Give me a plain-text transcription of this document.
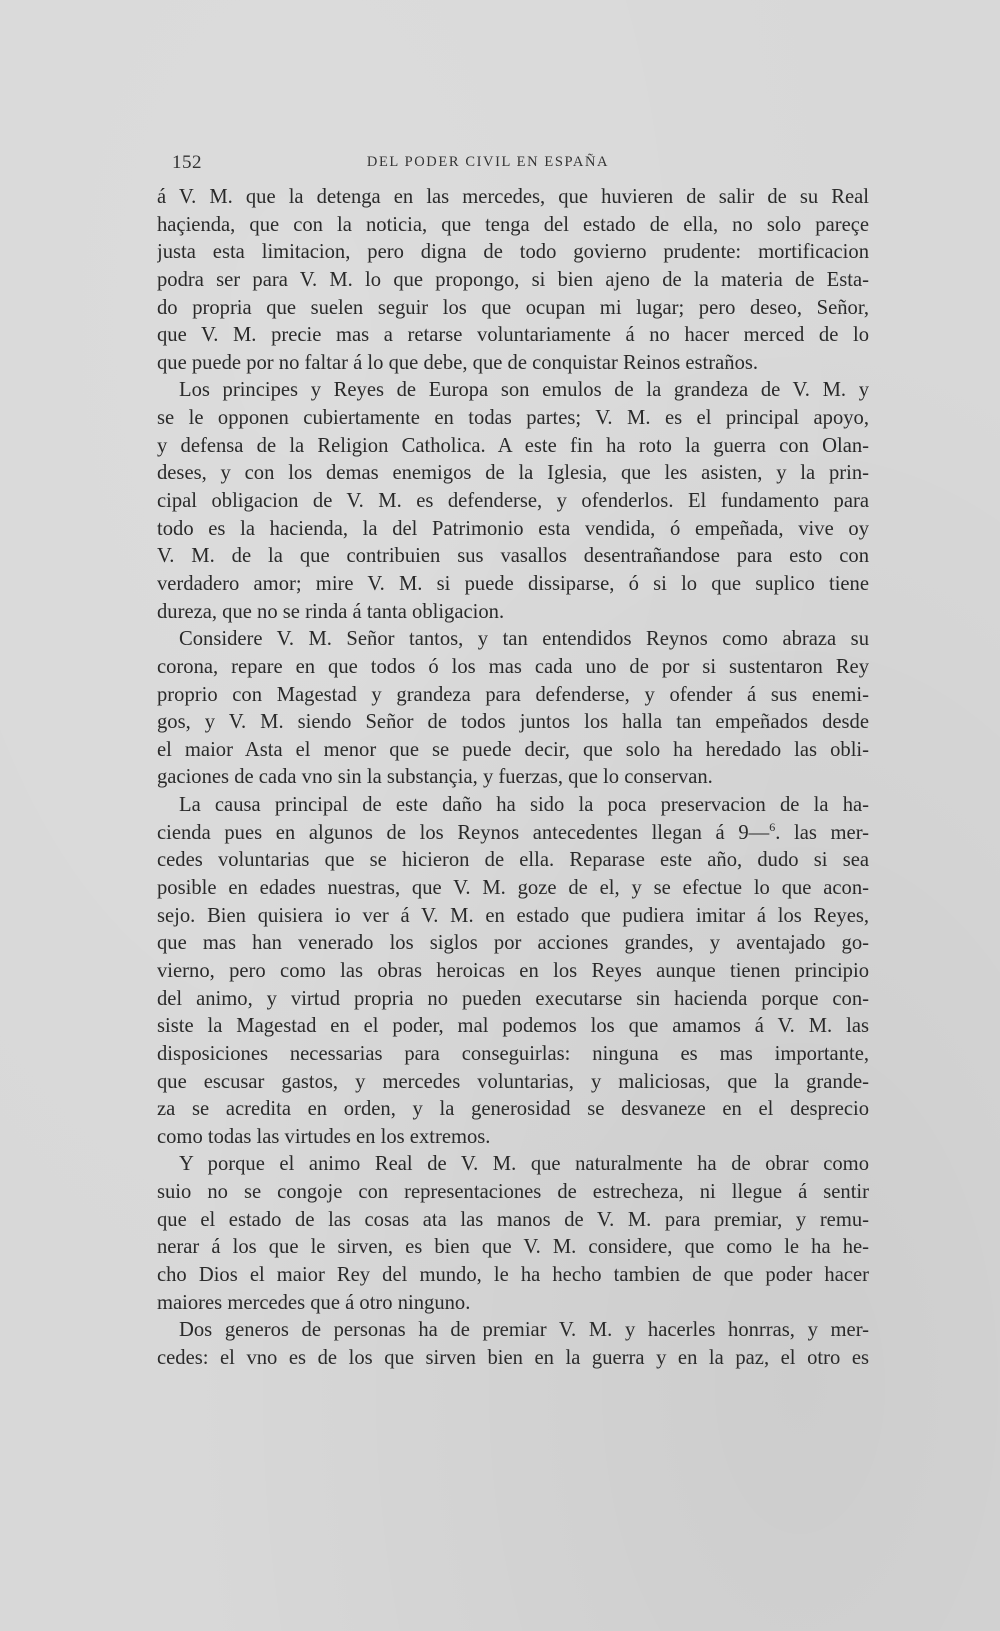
152	DEL PODER CIVIL EN ESPAÑA
á V. M. que la detenga en las mercedes, que huvieren de salir de su Real
haçienda, que con la noticia, que tenga del estado de ella, no solo pareçe
justa esta limitacion, pero digna de todo govierno prudente: mortificacion
podra ser para V. M. lo que propongo, si bien ajeno de la materia de Esta-
do propria que suelen seguir los que ocupan mi lugar; pero deseo, Señor,
que V. M. precie mas a retarse voluntariamente á no hacer merced de lo
que puede por no faltar á lo que debe, que de conquistar Reinos estraños.
Los principes y Reyes de Europa son emulos de la grandeza de V. M. y
se le opponen cubiertamente en todas partes; V. M. es el principal apoyo,
y defensa de la Religion Catholica. A este fin ha roto la guerra con Olan-
deses, y con los demas enemigos de la Iglesia, que les asisten, y la prin-
cipal obligacion de V. M. es defenderse, y ofenderlos. El fundamento para
todo es la hacienda, la del Patrimonio esta vendida, ó empeñada, vive oy
V. M. de la que contribuien sus vasallos desentrañandose para esto con
verdadero amor; mire V. M. si puede dissiparse, ó si lo que suplico tiene
dureza, que no se rinda á tanta obligacion.
Considere V. M. Señor tantos, y tan entendidos Reynos como abraza su
corona, repare en que todos ó los mas cada uno de por si sustentaron Rey
proprio con Magestad y grandeza para defenderse, y ofender á sus enemi-
gos, y V. M. siendo Señor de todos juntos los halla tan empeñados desde
el maior Asta el menor que se puede decir, que solo ha heredado las obli-
gaciones de cada vno sin la substançia, y fuerzas, que lo conservan.
La causa principal de este daño ha sido la poca preservacion de la ha-
cienda pues en algunos de los Reynos antecedentes llegan á 9—$^6$. las mer-
cedes voluntarias que se hicieron de ella. Reparase este año, dudo si sea
posible en edades nuestras, que V. M. goze de el, y se efectue lo que acon-
sejo. Bien quisiera io ver á V. M. en estado que pudiera imitar á los Reyes,
que mas han venerado los siglos por acciones grandes, y aventajado go-
vierno, pero como las obras heroicas en los Reyes aunque tienen principio
del animo, y virtud propria no pueden executarse sin hacienda porque con-
siste la Magestad en el poder, mal podemos los que amamos á V. M. las
disposiciones necessarias para conseguirlas: ninguna es mas importante,
que escusar gastos, y mercedes voluntarias, y maliciosas, que la grande-
za se acredita en orden, y la generosidad se desvaneze en el desprecio
como todas las virtudes en los extremos.
Y porque el animo Real de V. M. que naturalmente ha de obrar como
suio no se congoje con representaciones de estrecheza, ni llegue á sentir
que el estado de las cosas ata las manos de V. M. para premiar, y remu-
nerar á los que le sirven, es bien que V. M. considere, que como le ha he-
cho Dios el maior Rey del mundo, le ha hecho tambien de que poder hacer
maiores mercedes que á otro ninguno.
Dos generos de personas ha de premiar V. M. y hacerles honrras, y mer-
cedes: el vno es de los que sirven bien en la guerra y en la paz, el otro es
